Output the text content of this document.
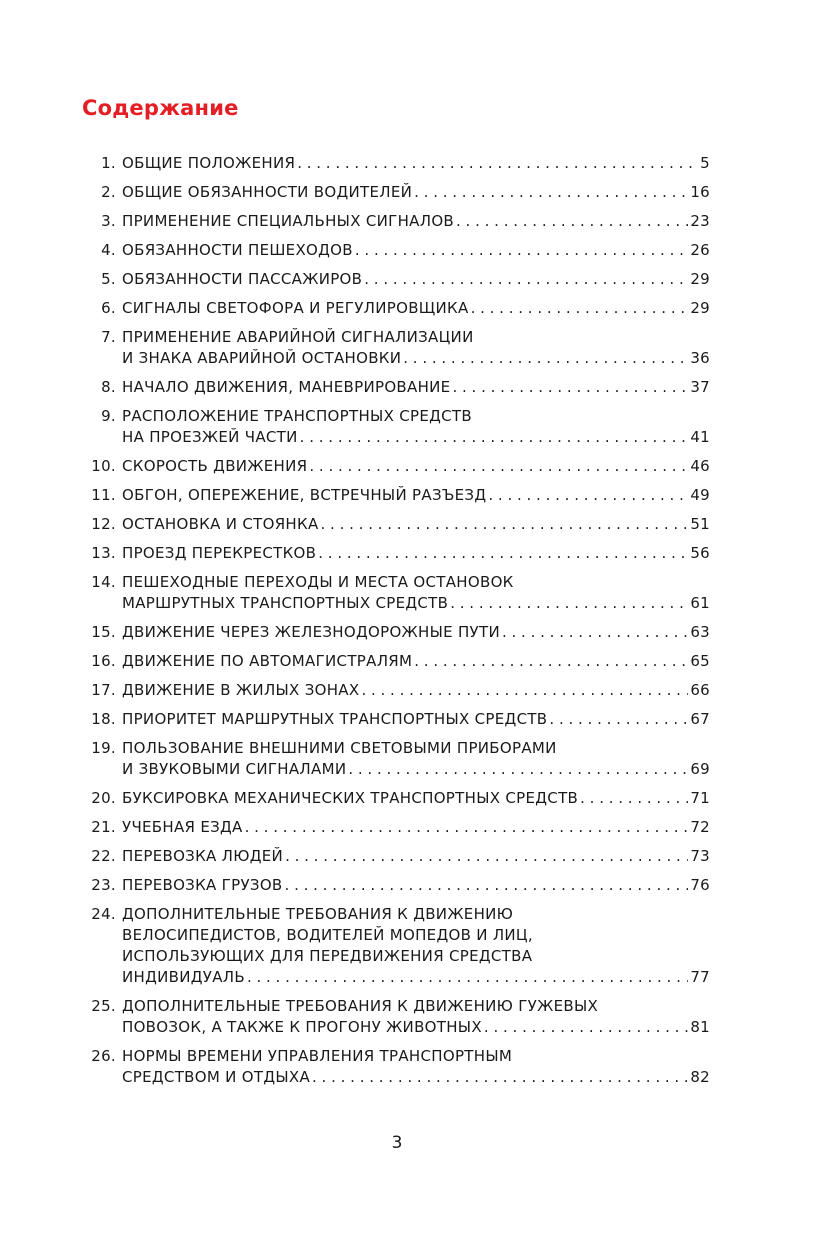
Содержание
1. ОБЩИЕ ПОЛОЖЕНИЯ . . .	5
2. ОБЩИЕ ОБЯЗАННОСТИ ВОДИТЕЛЕЙ . . .	16
3. ПРИМЕНЕНИЕ СПЕЦИАЛЬНЫХ СИГНАЛОВ . . .	23
4. ОБЯЗАННОСТИ ПЕШЕХОДОВ . . .	26
5. ОБЯЗАННОСТИ ПАССАЖИРОВ . . .	29
6. СИГНАЛЫ СВЕТОФОРА И РЕГУЛИРОВЩИКА . . .	29
7. ПРИМЕНЕНИЕ АВАРИЙНОЙ СИГНАЛИЗАЦИИ
И ЗНАКА АВАРИЙНОЙ ОСТАНОВКИ . . .	36
8. НАЧАЛО ДВИЖЕНИЯ, МАНЕВРИРОВАНИЕ . . .	37
9. РАСПОЛОЖЕНИЕ ТРАНСПОРТНЫХ СРЕДСТВ
НА ПРОЕЗЖЕЙ ЧАСТИ . . .	41
10. СКОРОСТЬ ДВИЖЕНИЯ . . .	46
11. ОБГОН, ОПЕРЕЖЕНИЕ, ВСТРЕЧНЫЙ РАЗЪЕЗД . . .	49
12. ОСТАНОВКА И СТОЯНКА . . .	51
13. ПРОЕЗД ПЕРЕКРЕСТКОВ . . .	56
14. ПЕШЕХОДНЫЕ ПЕРЕХОДЫ И МЕСТА ОСТАНОВОК
МАРШРУТНЫХ ТРАНСПОРТНЫХ СРЕДСТВ . . .	61
15. ДВИЖЕНИЕ ЧЕРЕЗ ЖЕЛЕЗНОДОРОЖНЫЕ ПУТИ . . .	63
16. ДВИЖЕНИЕ ПО АВТОМАГИСТРАЛЯМ . . .	65
17. ДВИЖЕНИЕ В ЖИЛЫХ ЗОНАХ . . .	66
18. ПРИОРИТЕТ МАРШРУТНЫХ ТРАНСПОРТНЫХ СРЕДСТВ . . .	67
19. ПОЛЬЗОВАНИЕ ВНЕШНИМИ СВЕТОВЫМИ ПРИБОРАМИ
И ЗВУКОВЫМИ СИГНАЛАМИ . . .	69
20. БУКСИРОВКА МЕХАНИЧЕСКИХ ТРАНСПОРТНЫХ СРЕДСТВ . . .	71
21. УЧЕБНАЯ ЕЗДА . . .	72
22. ПЕРЕВОЗКА ЛЮДЕЙ . . .	73
23. ПЕРЕВОЗКА ГРУЗОВ . . .	76
24. ДОПОЛНИТЕЛЬНЫЕ ТРЕБОВАНИЯ К ДВИЖЕНИЮ
ВЕЛОСИПЕДИСТОВ, ВОДИТЕЛЕЙ МОПЕДОВ И ЛИЦ,
ИСПОЛЬЗУЮЩИХ ДЛЯ ПЕРЕДВИЖЕНИЯ СРЕДСТВА
ИНДИВИДУАЛЬ . . .	77
25. ДОПОЛНИТЕЛЬНЫЕ ТРЕБОВАНИЯ К ДВИЖЕНИЮ ГУЖЕВЫХ
ПОВОЗОК, А ТАКЖЕ К ПРОГОНУ ЖИВОТНЫХ . . .	81
26. НОРМЫ ВРЕМЕНИ УПРАВЛЕНИЯ ТРАНСПОРТНЫМ
СРЕДСТВОМ И ОТДЫХА . . .	82
3
